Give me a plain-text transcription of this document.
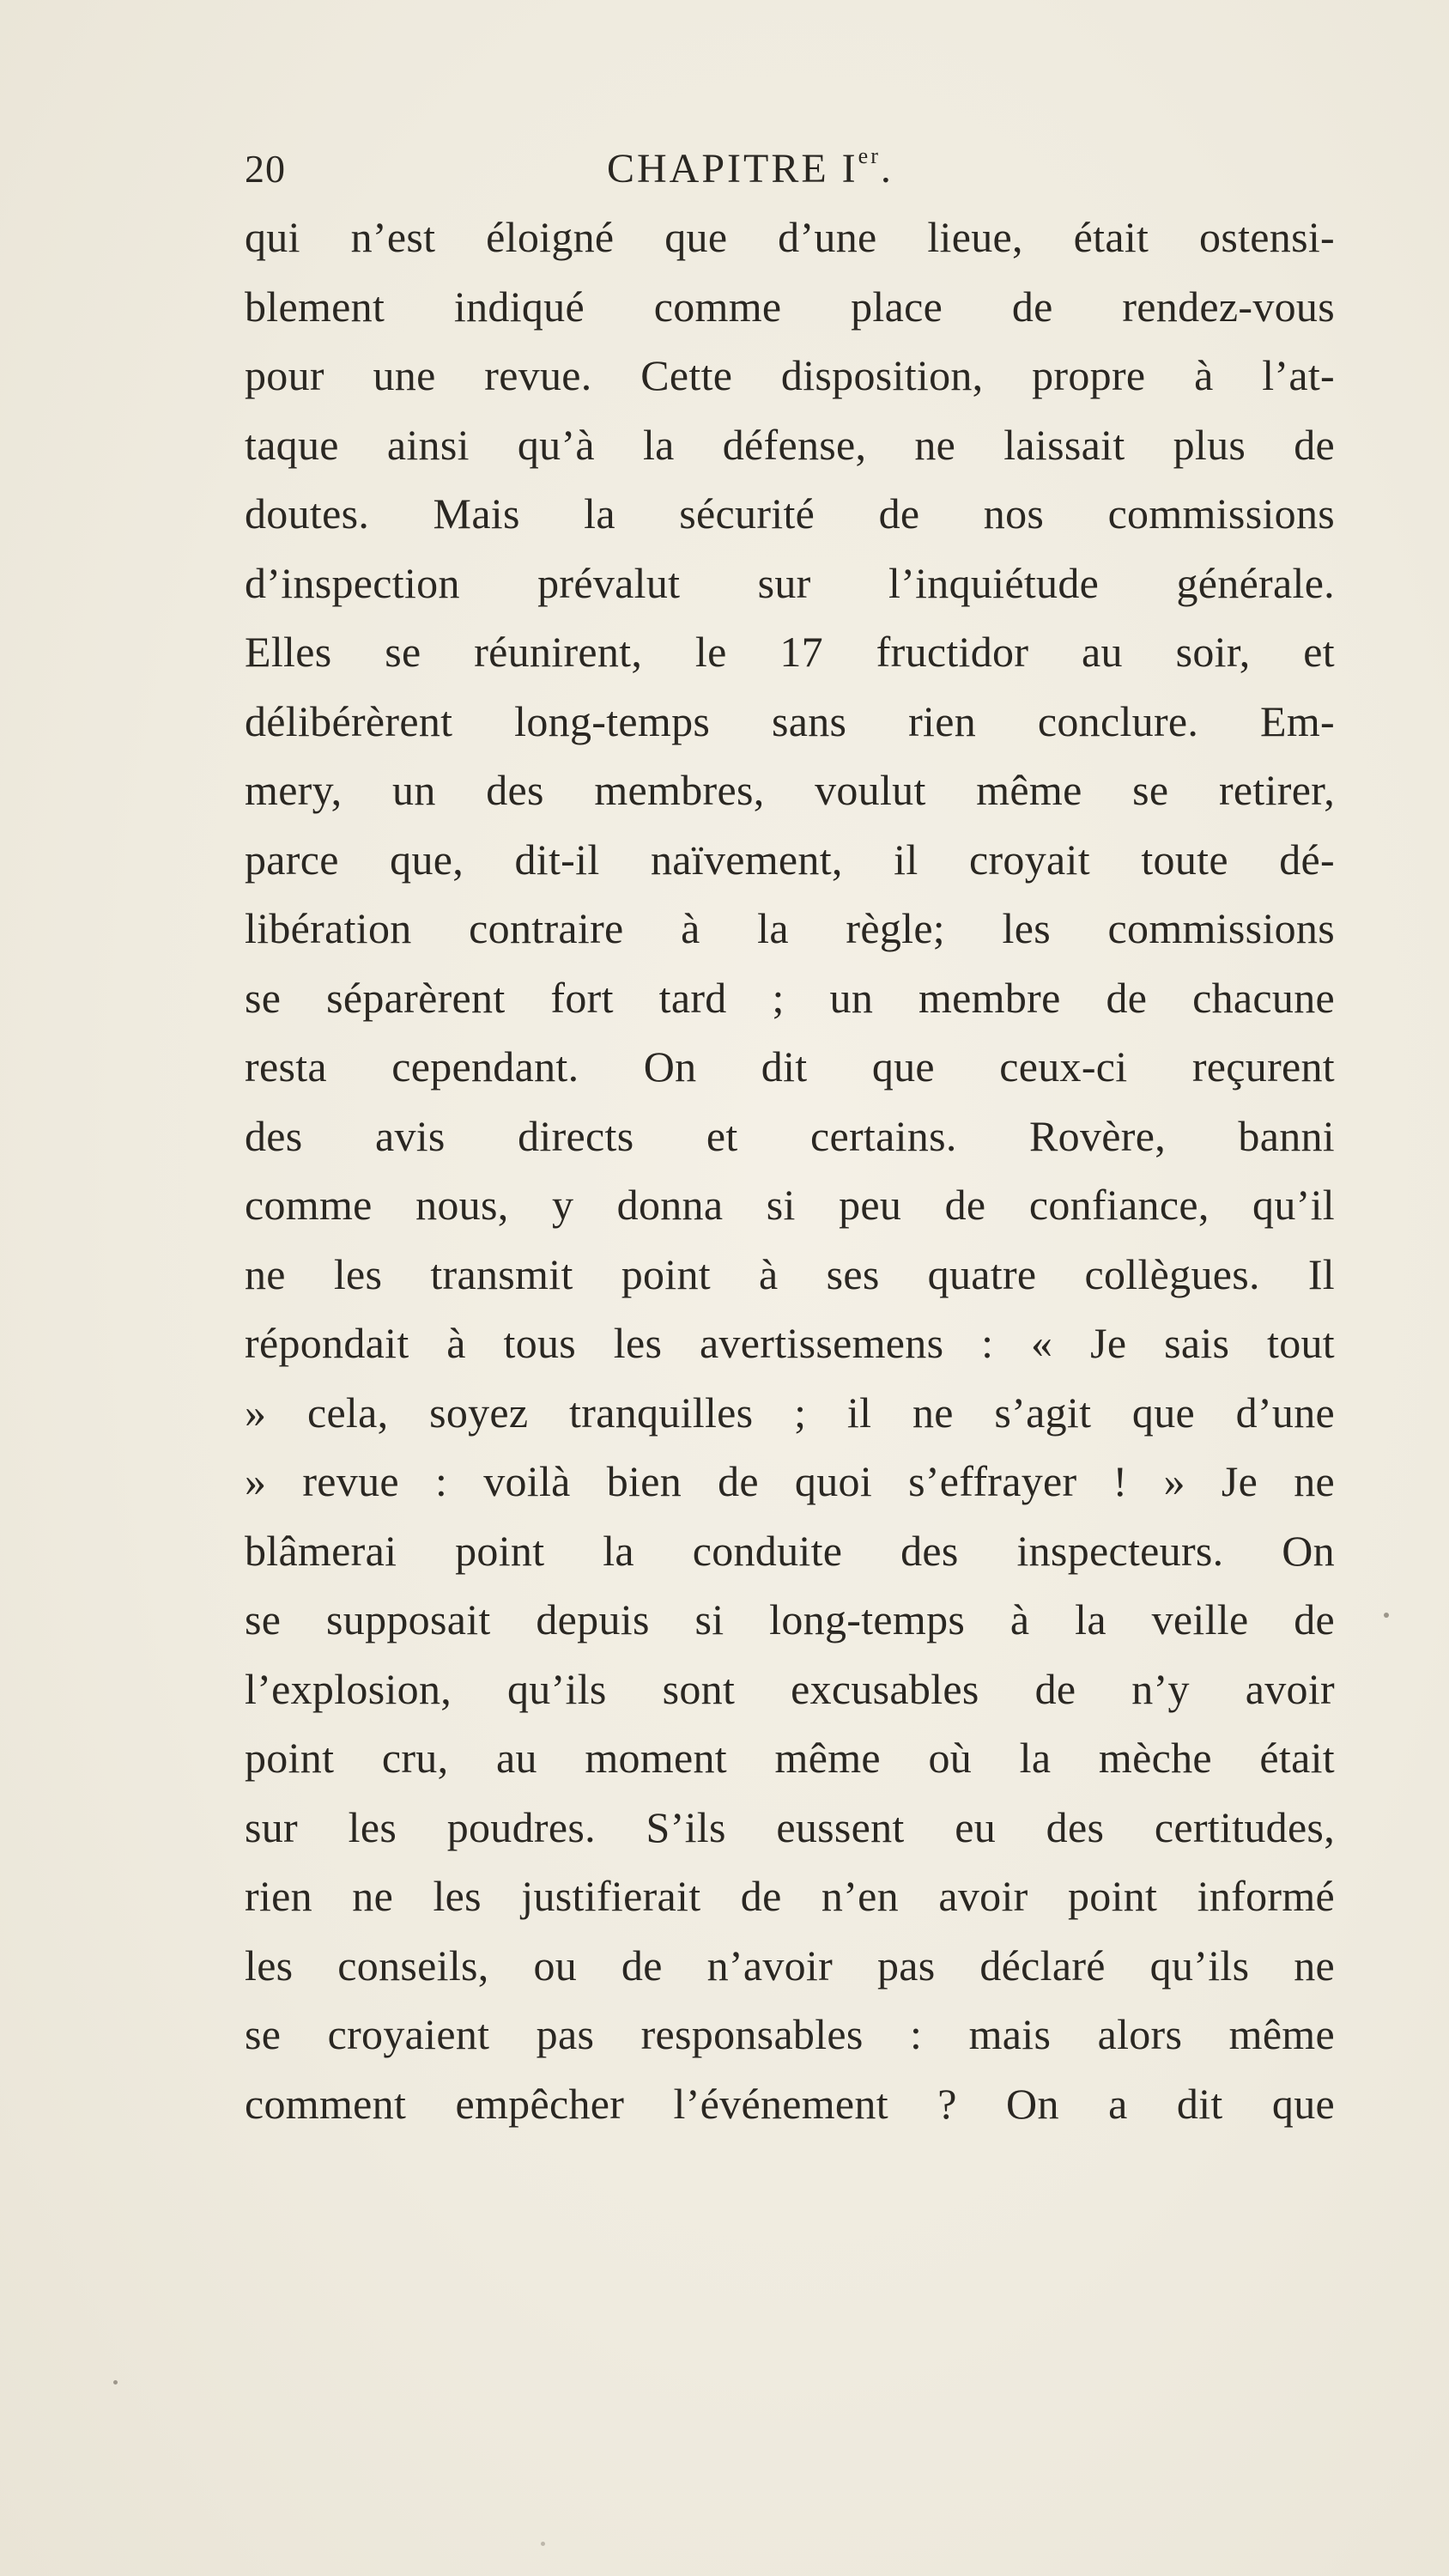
20	CHAPITRE Ier.
qui n’est éloigné que d’une lieue, était ostensi-
blement indiqué comme place de rendez-vous
pour une revue. Cette disposition, propre à l’at-
taque ainsi qu’à la défense, ne laissait plus de
doutes. Mais la sécurité de nos commissions
d’inspection prévalut sur l’inquiétude générale.
Elles se réunirent, le 17 fructidor au soir, et
délibérèrent long-temps sans rien conclure. Em-
mery, un des membres, voulut même se retirer,
parce que, dit-il naïvement, il croyait toute dé-
libération contraire à la règle; les commissions
se séparèrent fort tard ; un membre de chacune
resta cependant. On dit que ceux-ci reçurent
des avis directs et certains. Rovère, banni
comme nous, y donna si peu de confiance, qu’il
ne les transmit point à ses quatre collègues. Il
répondait à tous les avertissemens : « Je sais tout
» cela, soyez tranquilles ; il ne s’agit que d’une
» revue : voilà bien de quoi s’effrayer ! » Je ne
blâmerai point la conduite des inspecteurs. On
se supposait depuis si long-temps à la veille de
l’explosion, qu’ils sont excusables de n’y avoir
point cru, au moment même où la mèche était
sur les poudres. S’ils eussent eu des certitudes,
rien ne les justifierait de n’en avoir point informé
les conseils, ou de n’avoir pas déclaré qu’ils ne
se croyaient pas responsables : mais alors même
comment empêcher l’événement ? On a dit que
